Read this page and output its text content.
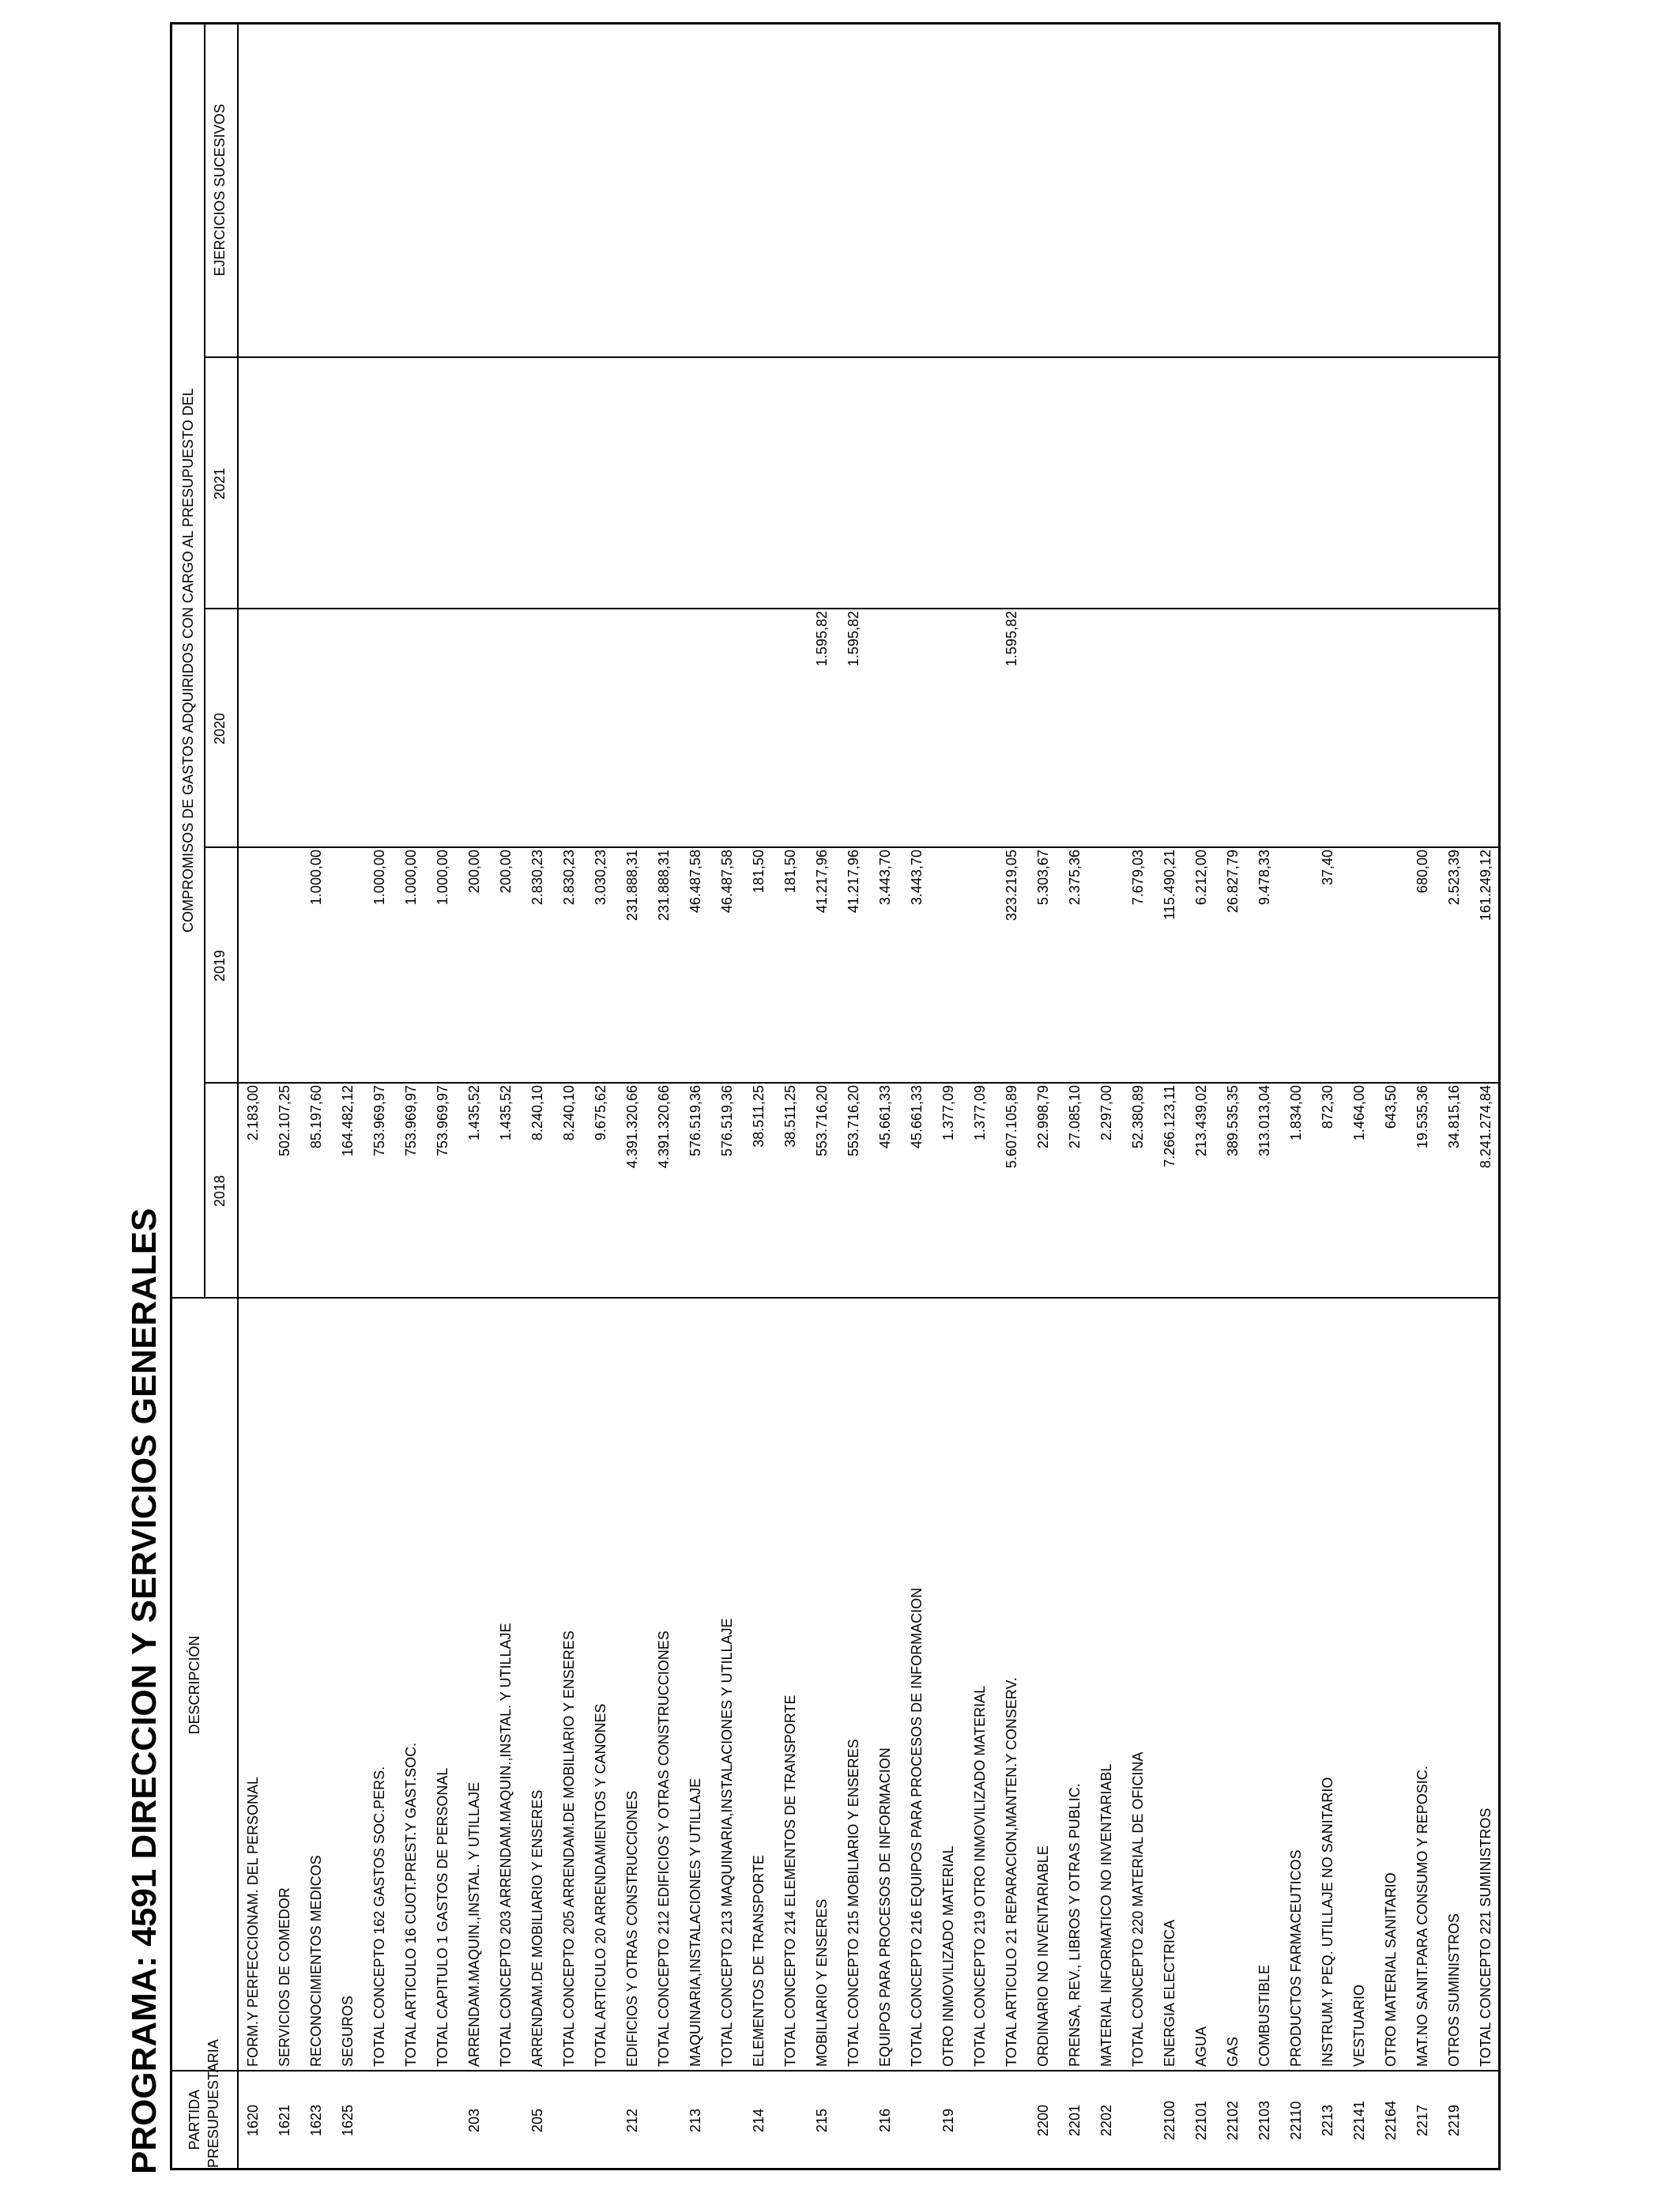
PROGRAMA: 4591 DIRECCION Y SERVICIOS GENERALES PARTIDA PRESUPUESTARIA
DESCRIPCIÓN
COMPROMISOS DE GASTOS ADQUIRIDOS CON CARGO AL PRESUPUESTO DEL
2018
2019
2020
2021
EJERCICIOS SUCESIVOS
1620
FORM.Y PERFECCIONAM. DEL PERSONAL
2.183,00
1621
SERVICIOS DE COMEDOR
502.107,25
1623
RECONOCIMIENTOS MEDICOS
85.197,60
1.000,00
1625
SEGUROS
164.482,12
TOTAL CONCEPTO 162 GASTOS SOC.PERS.
753.969,97
1.000,00
TOTAL ARTICULO 16 CUOT.PREST.Y GAST.SOC.
753.969,97
1.000,00
TOTAL CAPITULO 1 GASTOS DE PERSONAL
753.969,97
1.000,00
203
ARRENDAM.MAQUIN.,INSTAL. Y UTILLAJE
1.435,52
200,00
TOTAL CONCEPTO 203 ARRENDAM.MAQUIN.,INSTAL. Y UTILLAJE
1.435,52
200,00
205
ARRENDAM.DE MOBILIARIO Y ENSERES
8.240,10
2.830,23
TOTAL CONCEPTO 205 ARRENDAM.DE MOBILIARIO Y ENSERES
8.240,10
2.830,23
TOTAL ARTICULO 20 ARRENDAMIENTOS Y CANONES
9.675,62
3.030,23
212
EDIFICIOS Y OTRAS CONSTRUCCIONES
4.391.320,66
231.888,31
TOTAL CONCEPTO 212 EDIFICIOS Y OTRAS CONSTRUCCIONES
4.391.320,66
231.888,31
213
MAQUINARIA,INSTALACIONES Y UTILLAJE
576.519,36
46.487,58
TOTAL CONCEPTO 213 MAQUINARIA,INSTALACIONES Y UTILLAJE
576.519,36
46.487,58
214
ELEMENTOS DE TRANSPORTE
38.511,25
181,50
TOTAL CONCEPTO 214 ELEMENTOS DE TRANSPORTE
38.511,25
181,50
215
MOBILIARIO Y ENSERES
553.716,20
41.217,96
1.595,82
TOTAL CONCEPTO 215 MOBILIARIO Y ENSERES
553.716,20
41.217,96
1.595,82
216
EQUIPOS PARA PROCESOS DE INFORMACION
45.661,33
3.443,70
TOTAL CONCEPTO 216 EQUIPOS PARA PROCESOS DE INFORMACION
45.661,33
3.443,70
219
OTRO INMOVILIZADO MATERIAL
1.377,09
TOTAL CONCEPTO 219 OTRO INMOVILIZADO MATERIAL
1.377,09
TOTAL ARTICULO 21 REPARACION,MANTEN.Y CONSERV.
5.607.105,89
323.219,05
1.595,82
2200
ORDINARIO NO INVENTARIABLE
22.998,79
5.303,67
2201
PRENSA, REV., LIBROS Y OTRAS PUBLIC.
27.085,10
2.375,36
2202
MATERIAL INFORMATICO NO INVENTARIABL
2.297,00
TOTAL CONCEPTO 220 MATERIAL DE OFICINA
52.380,89
7.679,03
22100
ENERGIA ELECTRICA
7.266.123,11
115.490,21
22101
AGUA
213.439,02
6.212,00
22102
GAS
389.535,35
26.827,79
22103
COMBUSTIBLE
313.013,04
9.478,33
22110
PRODUCTOS FARMACEUTICOS
1.834,00
2213
INSTRUM.Y PEQ. UTILLAJE NO SANITARIO
872,30
37,40
22141
VESTUARIO
1.464,00
22164
OTRO MATERIAL SANITARIO
643,50
2217
MAT.NO SANIT.PARA CONSUMO Y REPOSIC.
19.535,36
680,00
2219
OTROS SUMINISTROS
34.815,16
2.523,39
TOTAL CONCEPTO 221 SUMINISTROS
8.241.274,84
161.249,12
